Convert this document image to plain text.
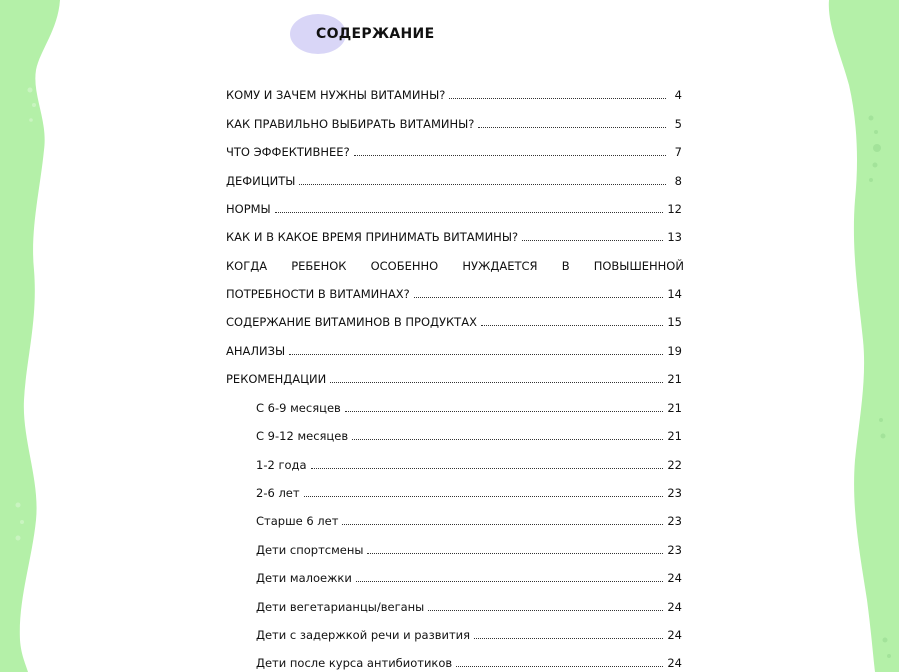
СОДЕРЖАНИЕ
КОМУ И ЗАЧЕМ НУЖНЫ ВИТАМИНЫ?	4
КАК ПРАВИЛЬНО ВЫБИРАТЬ ВИТАМИНЫ?	5
ЧТО ЭФФЕКТИВНЕЕ?	7
ДЕФИЦИТЫ	8
НОРМЫ	12
КАК И В КАКОЕ ВРЕМЯ ПРИНИМАТЬ ВИТАМИНЫ?	13
КОГДА РЕБЕНОК ОСОБЕННО НУЖДАЕТСЯ В ПОВЫШЕННОЙ
ПОТРЕБНОСТИ В ВИТАМИНАХ?	14
СОДЕРЖАНИЕ ВИТАМИНОВ В ПРОДУКТАХ	15
АНАЛИЗЫ	19
РЕКОМЕНДАЦИИ	21
С 6-9 месяцев	21
С 9-12 месяцев	21
1-2 года	22
2-6 лет	23
Старше 6 лет	23
Дети спортсмены	23
Дети малоежки	24
Дети вегетарианцы/веганы	24
Дети с задержкой речи и развития	24
Дети после курса антибиотиков	24
